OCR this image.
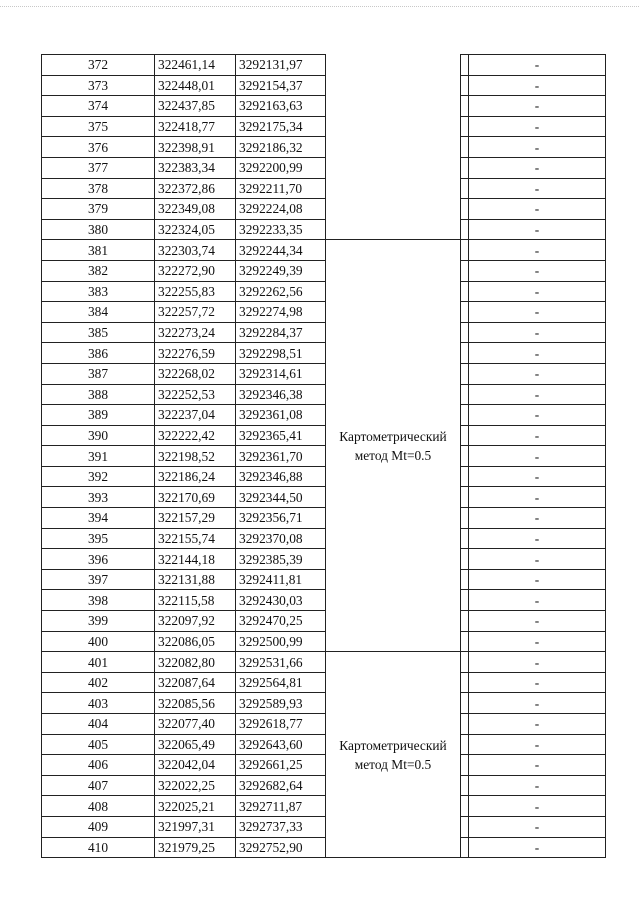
372	322461,14	3292131,97			-
373	322448,01	3292154,37			-
374	322437,85	3292163,63			-
375	322418,77	3292175,34			-
376	322398,91	3292186,32			-
377	322383,34	3292200,99			-
378	322372,86	3292211,70			-
379	322349,08	3292224,08			-
380	322324,05	3292233,35			-
381	322303,74	3292244,34	Картометрический метод Mt=0.5		-
382	322272,90	3292249,39			-
383	322255,83	3292262,56			-
384	322257,72	3292274,98			-
385	322273,24	3292284,37			-
386	322276,59	3292298,51			-
387	322268,02	3292314,61			-
388	322252,53	3292346,38			-
389	322237,04	3292361,08			-
390	322222,42	3292365,41			-
391	322198,52	3292361,70			-
392	322186,24	3292346,88			-
393	322170,69	3292344,50			-
394	322157,29	3292356,71			-
395	322155,74	3292370,08			-
396	322144,18	3292385,39			-
397	322131,88	3292411,81			-
398	322115,58	3292430,03			-
399	322097,92	3292470,25			-
400	322086,05	3292500,99			-
401	322082,80	3292531,66	Картометрический метод Mt=0.5		-
402	322087,64	3292564,81			-
403	322085,56	3292589,93			-
404	322077,40	3292618,77			-
405	322065,49	3292643,60			-
406	322042,04	3292661,25			-
407	322022,25	3292682,64			-
408	322025,21	3292711,87			-
409	321997,31	3292737,33			-
410	321979,25	3292752,90			-
